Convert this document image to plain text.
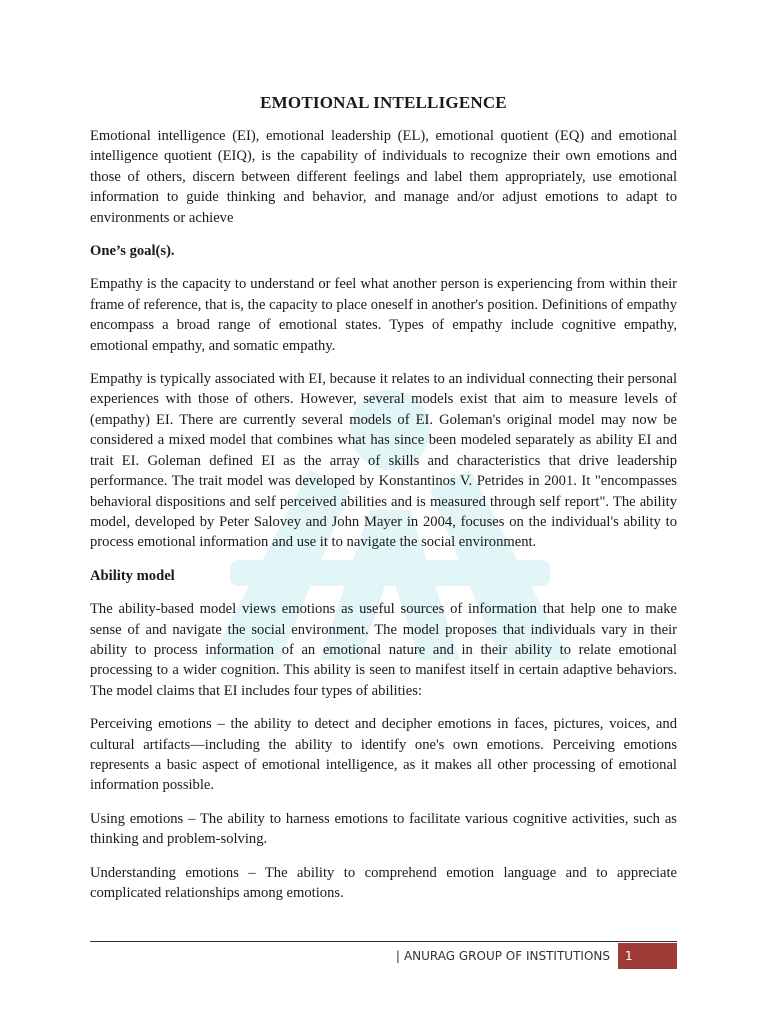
EMOTIONAL INTELLIGENCE

Emotional intelligence (EI), emotional leadership (EL), emotional quotient (EQ) and emotional intelligence quotient (EIQ), is the capability of individuals to recognize their own emotions and those of others, discern between different feelings and label them appropriately, use emotional information to guide thinking and behavior, and manage and/or adjust emotions to adapt to environments or achieve

One’s goal(s).

Empathy is the capacity to understand or feel what another person is experiencing from within their frame of reference, that is, the capacity to place oneself in another's position. Definitions of empathy encompass a broad range of emotional states. Types of empathy include cognitive empathy, emotional empathy, and somatic empathy.

Empathy is typically associated with EI, because it relates to an individual connecting their personal experiences with those of others. However, several models exist that aim to measure levels of (empathy) EI. There are currently several models of EI. Goleman's original model may now be considered a mixed model that combines what has since been modeled separately as ability EI and trait EI. Goleman defined EI as the array of skills and characteristics that drive leadership performance. The trait model was developed by Konstantinos V. Petrides in 2001. It "encompasses behavioral dispositions and self perceived abilities and is measured through self report". The ability model, developed by Peter Salovey and John Mayer in 2004, focuses on the individual's ability to process emotional information and use it to navigate the social environment.

Ability model

The ability-based model views emotions as useful sources of information that help one to make sense of and navigate the social environment. The model proposes that individuals vary in their ability to process information of an emotional nature and in their ability to relate emotional processing to a wider cognition. This ability is seen to manifest itself in certain adaptive behaviors. The model claims that EI includes four types of abilities:

Perceiving emotions – the ability to detect and decipher emotions in faces, pictures, voices, and cultural artifacts—including the ability to identify one's own emotions. Perceiving emotions represents a basic aspect of emotional intelligence, as it makes all other processing of emotional information possible.

Using emotions – The ability to harness emotions to facilitate various cognitive activities, such as thinking and problem-solving.

Understanding emotions – The ability to comprehend emotion language and to appreciate complicated relationships among emotions.

| ANURAG GROUP OF INSTITUTIONS	1
